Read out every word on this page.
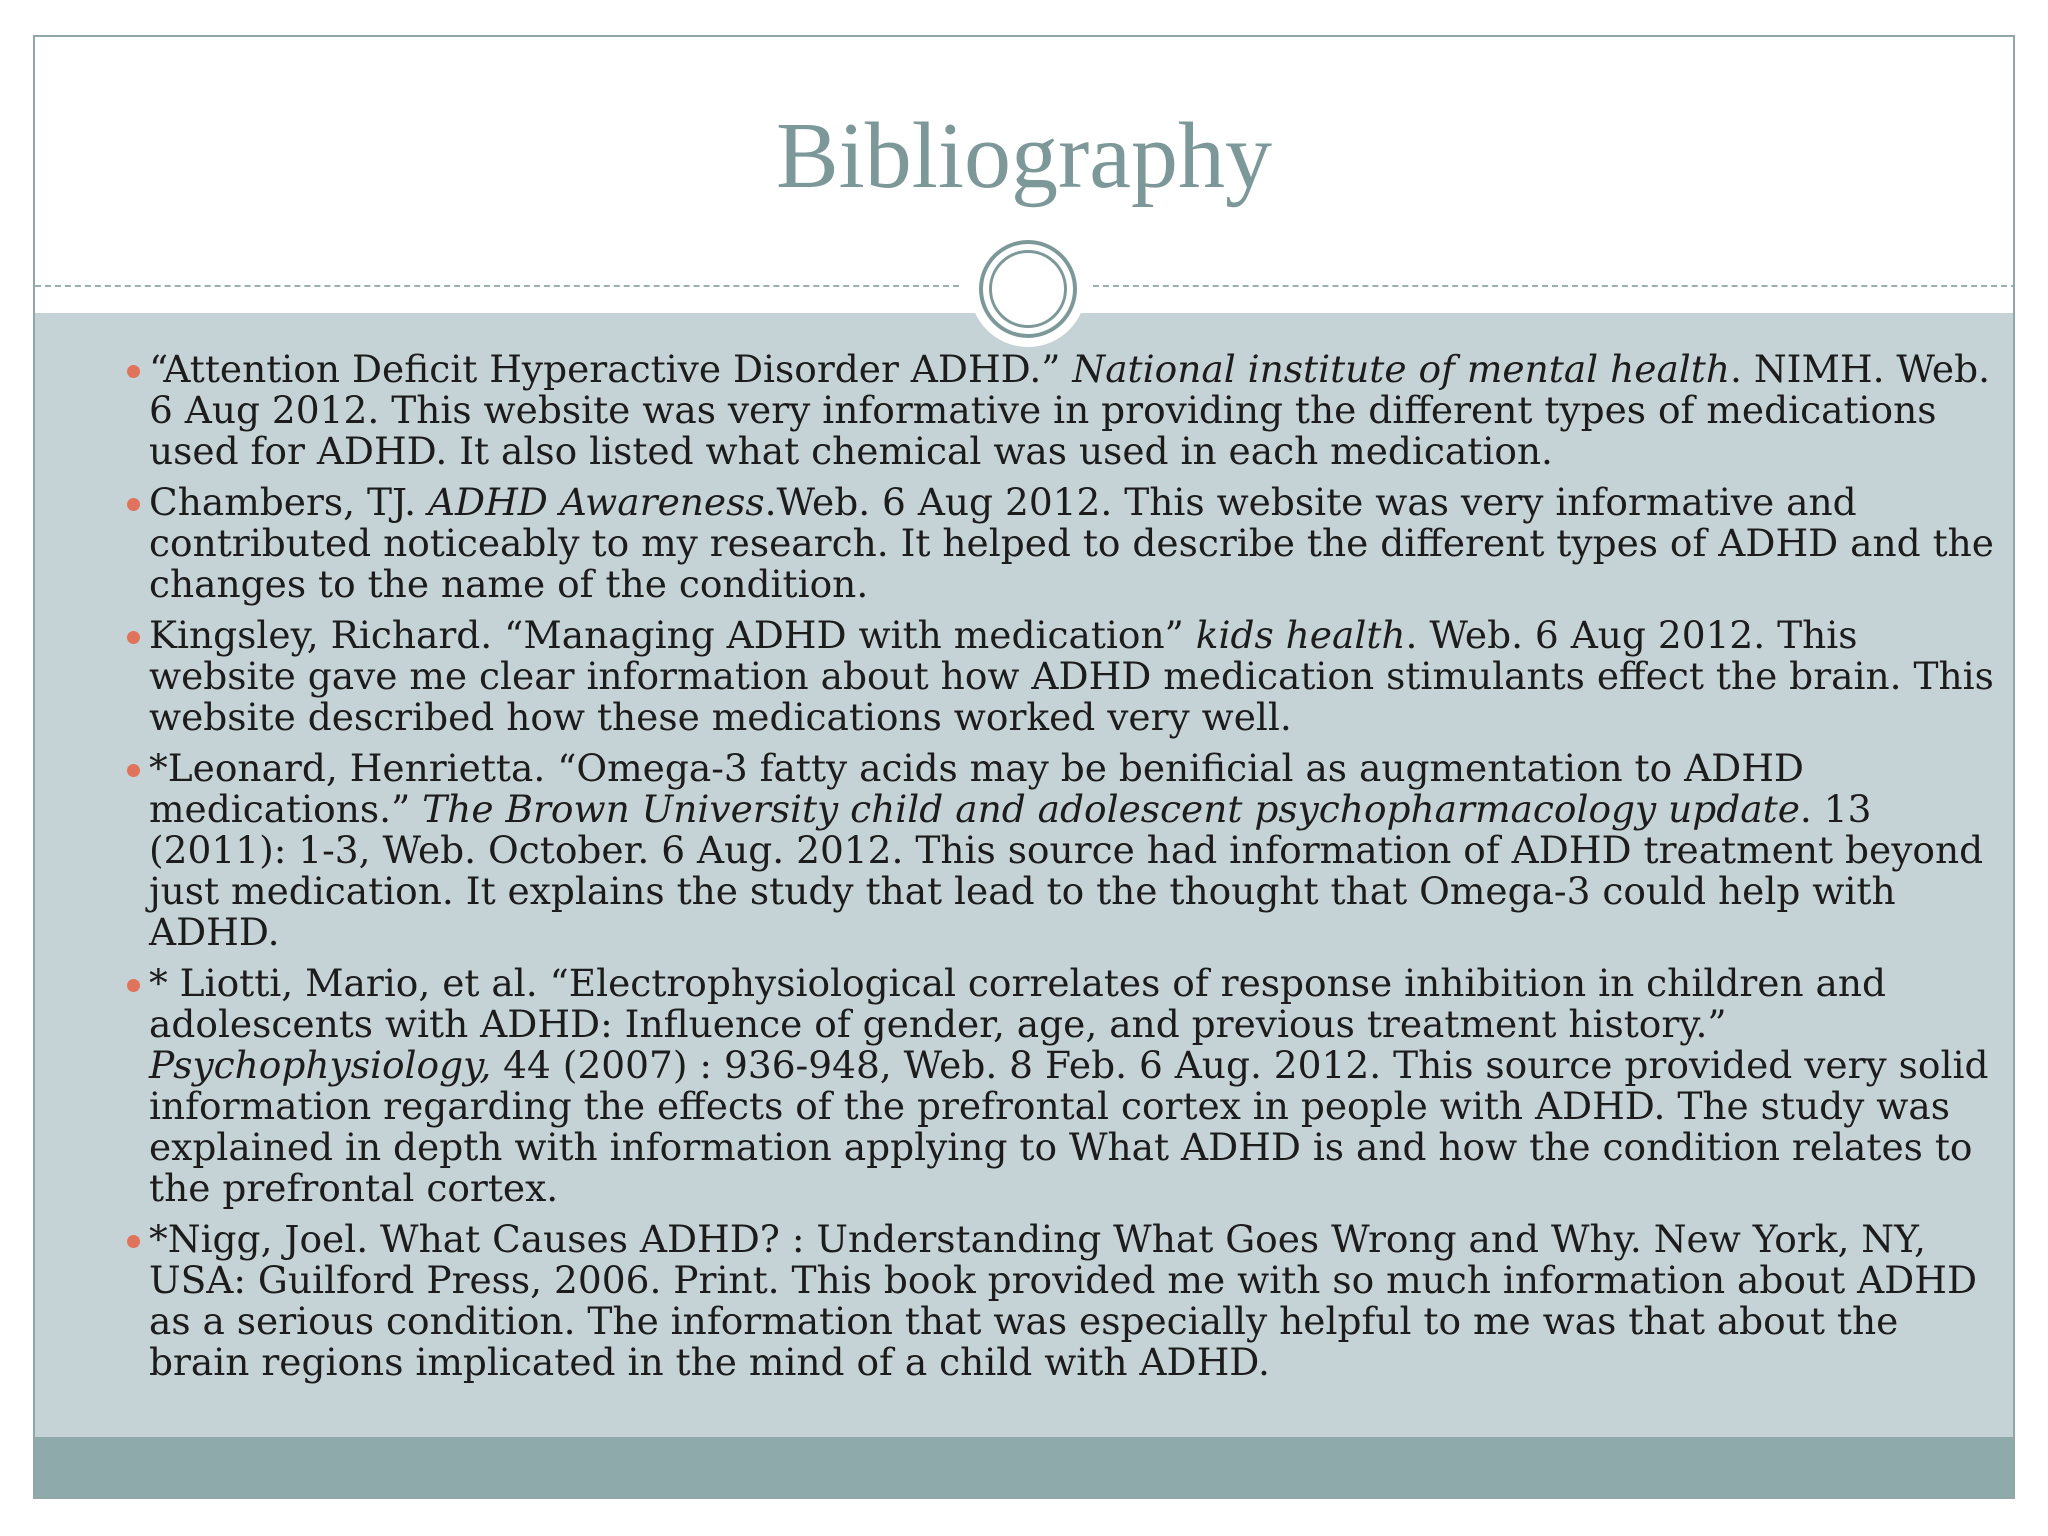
Bibliography
“Attention Deficit Hyperactive Disorder ADHD.” National institute of mental health. NIMH. Web. 6 Aug 2012. This website was very informative in providing the different types of medications used for ADHD. It also listed what chemical was used in each medication.
Chambers, TJ. ADHD Awareness.Web. 6 Aug 2012. This website was very informative and contributed noticeably to my research. It helped to describe the different types of ADHD and the changes to the name of the condition.
Kingsley, Richard. “Managing ADHD with medication” kids health. Web. 6 Aug 2012. This website gave me clear information about how ADHD medication stimulants effect the brain. This website described how these medications worked very well.
*Leonard, Henrietta. “Omega-3 fatty acids may be benificial as augmentation to ADHD medications.” The Brown University child and adolescent psychopharmacology update. 13 (2011): 1-3, Web. October. 6 Aug. 2012. This source had information of ADHD treatment beyond just medication. It explains the study that lead to the thought that Omega-3 could help with ADHD.
* Liotti, Mario, et al. “Electrophysiological correlates of response inhibition in children and adolescents with ADHD: Influence of gender, age, and previous treatment history.” Psychophysiology, 44 (2007) : 936-948, Web. 8 Feb. 6 Aug. 2012. This source provided very solid information regarding the effects of the prefrontal cortex in people with ADHD. The study was explained in depth with information applying to What ADHD is and how the condition relates to the prefrontal cortex.
*Nigg, Joel. What Causes ADHD? : Understanding What Goes Wrong and Why. New York, NY, USA: Guilford Press, 2006. Print. This book provided me with so much information about ADHD as a serious condition. The information that was especially helpful to me was that about the brain regions implicated in the mind of a child with ADHD.
